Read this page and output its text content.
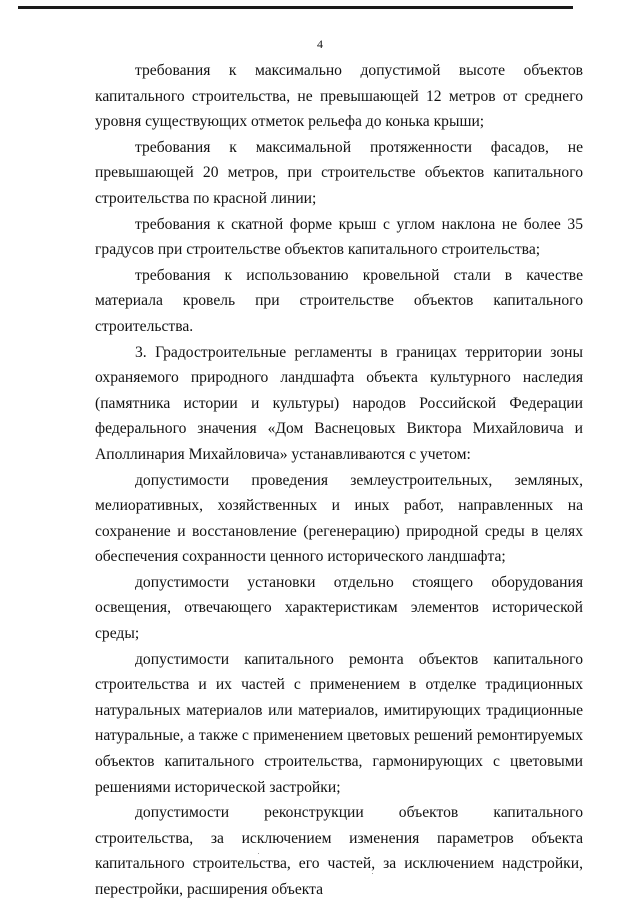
4

требования к максимально допустимой высоте объектов капитального строительства, не превышающей 12 метров от среднего уровня существующих отметок рельефа до конька крыши;

требования к максимальной протяженности фасадов, не превышающей 20 метров, при строительстве объектов капитального строительства по красной линии;

требования к скатной форме крыш с углом наклона не более 35 градусов при строительстве объектов капитального строительства;

требования к использованию кровельной стали в качестве материала кровель при строительстве объектов капитального строительства.

3. Градостроительные регламенты в границах территории зоны охраняемого природного ландшафта объекта культурного наследия (памятника истории и культуры) народов Российской Федерации федерального значения «Дом Васнецовых Виктора Михайловича и Аполлинария Михайловича» устанавливаются с учетом:

допустимости проведения землеустроительных, земляных, мелиоративных, хозяйственных и иных работ, направленных на сохранение и восстановление (регенерацию) природной среды в целях обеспечения сохранности ценного исторического ландшафта;

допустимости установки отдельно стоящего оборудования освещения, отвечающего характеристикам элементов исторической среды;

допустимости капитального ремонта объектов капитального строительства и их частей с применением в отделке традиционных натуральных материалов или материалов, имитирующих традиционные натуральные, а также с применением цветовых решений ремонтируемых объектов капитального строительства, гармонирующих с цветовыми решениями исторической застройки;

допустимости реконструкции объектов капитального строительства, за исключением изменения параметров объекта капитального строительства, его частей, за исключением надстройки, перестройки, расширения объекта
